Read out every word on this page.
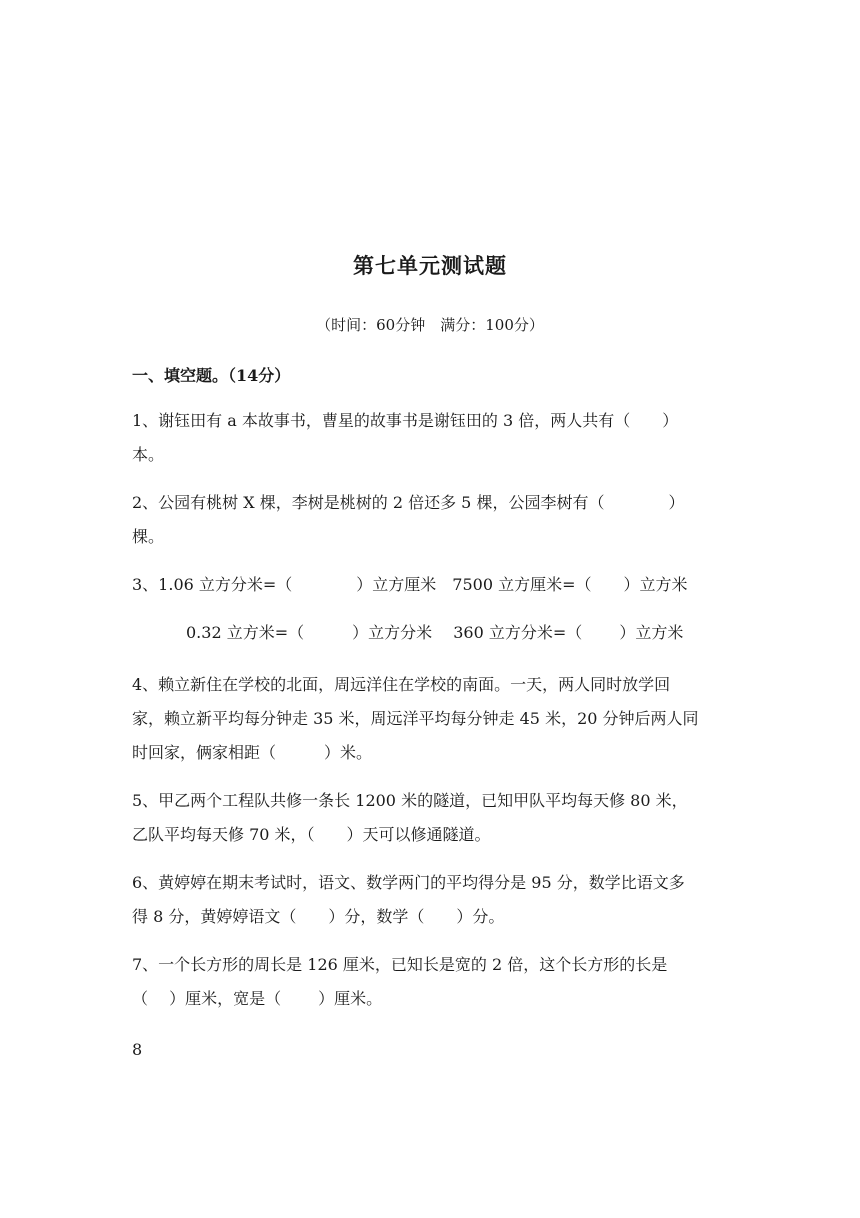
第七单元测试题
（时间：60分钟　满分：100分）
一、填空题。（14分）
1、谢钰田有 a 本故事书，曹星的故事书是谢钰田的 3 倍，两人共有（　　）
本。
2、公园有桃树 X 棵，李树是桃树的 2 倍还多 5 棵，公园李树有（　　　　）
棵。
3、1.06 立方分米=（　　　　）立方厘米　7500 立方厘米=（　　）立方米
0.32 立方米=（　　　）立方分米　 360 立方分米=（　　 ）立方米
4、赖立新住在学校的北面，周远洋住在学校的南面。一天，两人同时放学回
家，赖立新平均每分钟走 35 米，周远洋平均每分钟走 45 米，20 分钟后两人同
时回家，俩家相距（　　　）米。
5、甲乙两个工程队共修一条长 1200 米的隧道，已知甲队平均每天修 80 米，
乙队平均每天修 70 米，（　　）天可以修通隧道。
6、黄婷婷在期末考试时，语文、数学两门的平均得分是 95 分，数学比语文多
得 8 分，黄婷婷语文（　　）分，数学（　　）分。
7、一个长方形的周长是 126 厘米，已知长是宽的 2 倍，这个长方形的长是
（　 ）厘米，宽是（　　 ）厘米。
8
